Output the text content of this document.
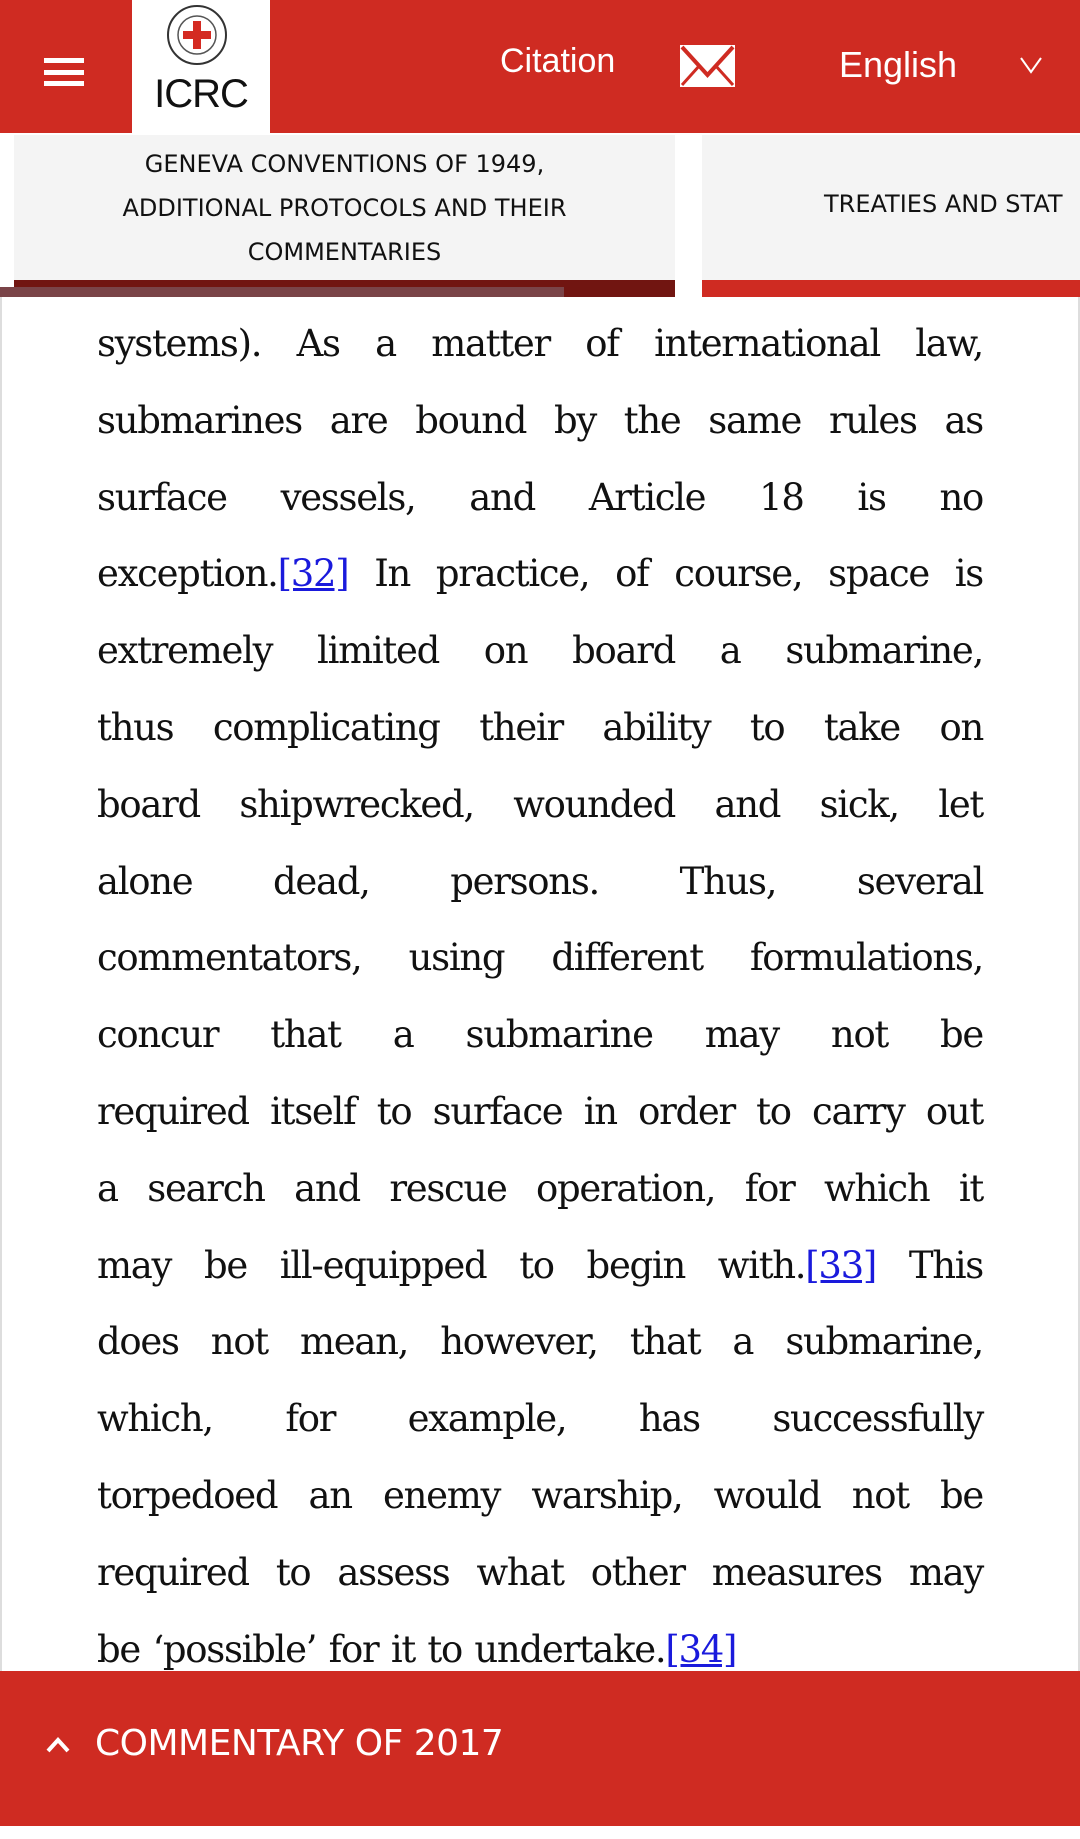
ICRC
Citation	English
GENEVA CONVENTIONS OF 1949,
ADDITIONAL PROTOCOLS AND THEIR
COMMENTARIES
TREATIES AND STAT
systems). As a matter of international law,
submarines are bound by the same rules as
surface vessels, and Article 18 is no
exception.[32] In practice, of course, space is
extremely limited on board a submarine,
thus complicating their ability to take on
board shipwrecked, wounded and sick, let
alone dead, persons. Thus, several
commentators, using different formulations,
concur that a submarine may not be
required itself to surface in order to carry out
a search and rescue operation, for which it
may be ill-equipped to begin with.[33] This
does not mean, however, that a submarine,
which, for example, has successfully
torpedoed an enemy warship, would not be
required to assess what other measures may
be ‘possible’ for it to undertake.[34]
COMMENTARY OF 2017
